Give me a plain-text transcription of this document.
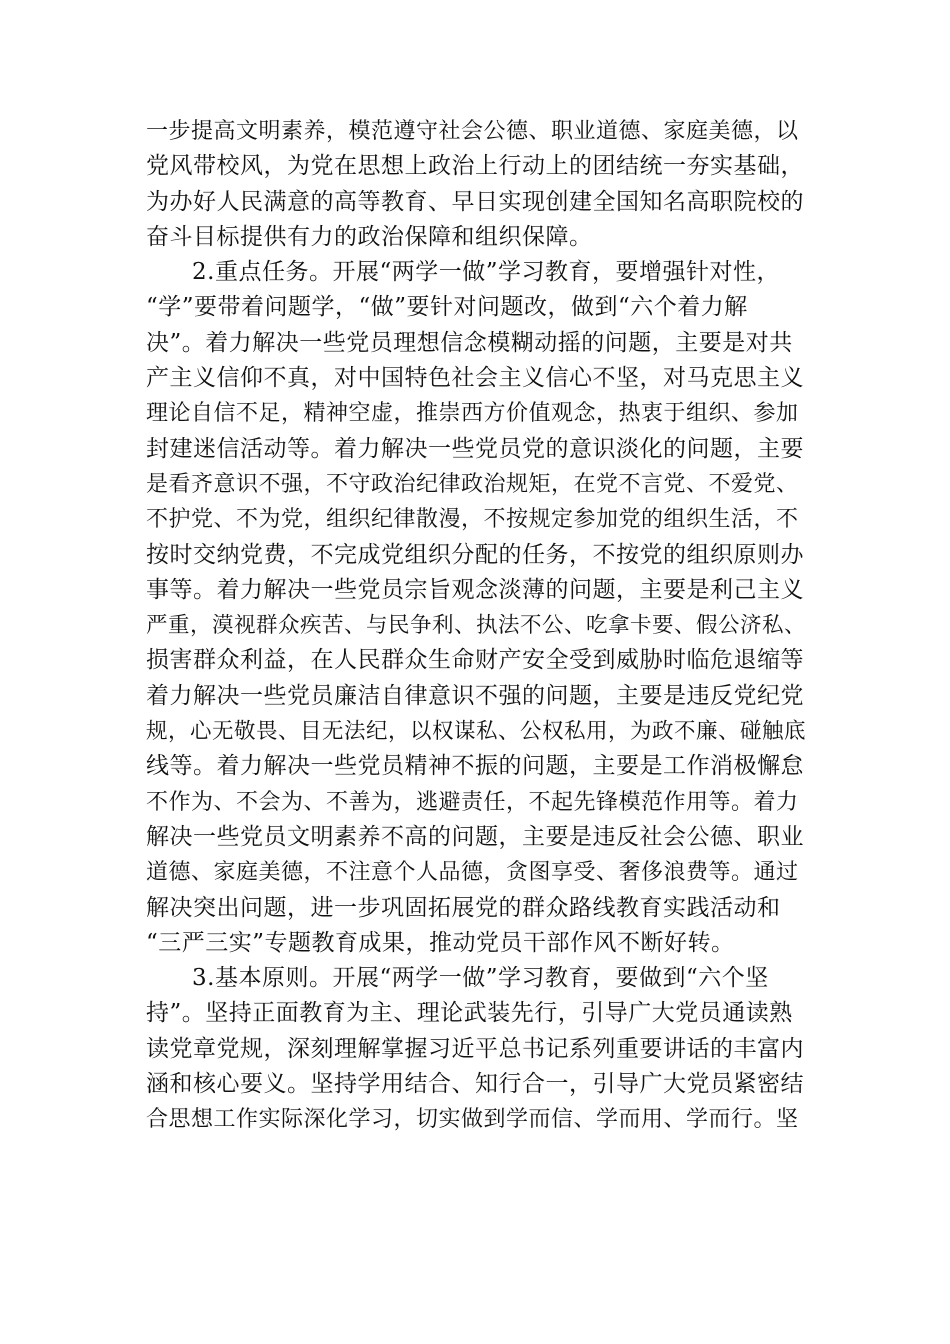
一步提高文明素养，模范遵守社会公德、职业道德、家庭美德，以
党风带校风，为党在思想上政治上行动上的团结统一夯实基础，
为办好人民满意的高等教育、早日实现创建全国知名高职院校的
奋斗目标提供有力的政治保障和组织保障。
2.重点任务。开展“两学一做”学习教育，要增强针对性，
“学”要带着问题学，“做”要针对问题改，做到“六个着力解
决”。着力解决一些党员理想信念模糊动摇的问题，主要是对共
产主义信仰不真，对中国特色社会主义信心不坚，对马克思主义
理论自信不足，精神空虚，推崇西方价值观念，热衷于组织、参加
封建迷信活动等。着力解决一些党员党的意识淡化的问题，主要
是看齐意识不强，不守政治纪律政治规矩，在党不言党、不爱党、
不护党、不为党，组织纪律散漫，不按规定参加党的组织生活，不
按时交纳党费，不完成党组织分配的任务，不按党的组织原则办
事等。着力解决一些党员宗旨观念淡薄的问题，主要是利己主义
严重，漠视群众疾苦、与民争利、执法不公、吃拿卡要、假公济私、
损害群众利益，在人民群众生命财产安全受到威胁时临危退缩等
着力解决一些党员廉洁自律意识不强的问题，主要是违反党纪党
规，心无敬畏、目无法纪，以权谋私、公权私用，为政不廉、碰触底
线等。着力解决一些党员精神不振的问题，主要是工作消极懈怠
不作为、不会为、不善为，逃避责任，不起先锋模范作用等。着力
解决一些党员文明素养不高的问题，主要是违反社会公德、职业
道德、家庭美德，不注意个人品德，贪图享受、奢侈浪费等。通过
解决突出问题，进一步巩固拓展党的群众路线教育实践活动和
“三严三实”专题教育成果，推动党员干部作风不断好转。
3.基本原则。开展“两学一做”学习教育，要做到“六个坚
持”。坚持正面教育为主、理论武装先行，引导广大党员通读熟
读党章党规，深刻理解掌握习近平总书记系列重要讲话的丰富内
涵和核心要义。坚持学用结合、知行合一，引导广大党员紧密结
合思想工作实际深化学习，切实做到学而信、学而用、学而行。坚
